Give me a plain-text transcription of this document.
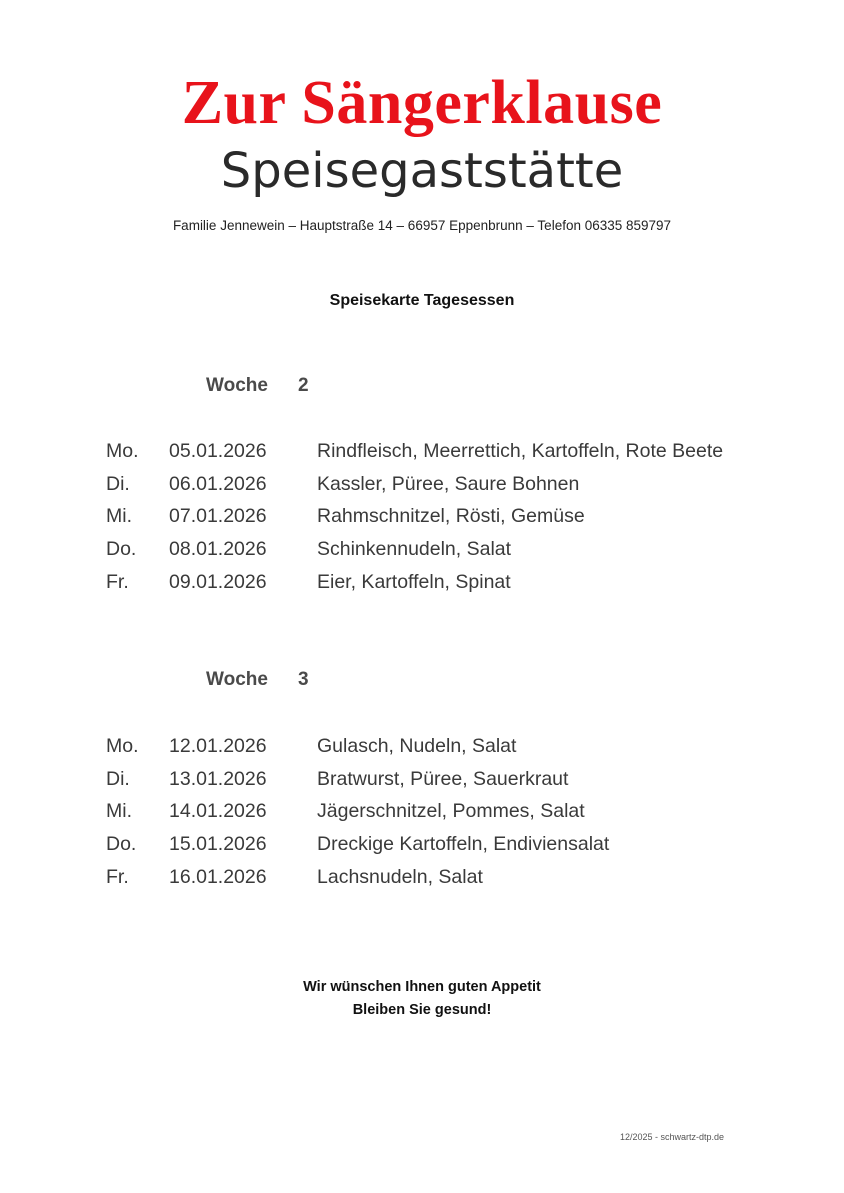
Zur Sängerklause
Speisegaststätte
Familie Jennewein – Hauptstraße 14 – 66957 Eppenbrunn – Telefon 06335 859797
Speisekarte Tagesessen
Woche 2
Mo. 05.01.2026	Rindfleisch, Meerrettich, Kartoffeln, Rote Beete
Di. 06.01.2026	Kassler, Püree, Saure Bohnen
Mi. 07.01.2026	Rahmschnitzel, Rösti, Gemüse
Do. 08.01.2026	Schinkennudeln, Salat
Fr. 09.01.2026	Eier, Kartoffeln, Spinat
Woche 3
Mo. 12.01.2026	Gulasch, Nudeln, Salat
Di. 13.01.2026	Bratwurst, Püree, Sauerkraut
Mi. 14.01.2026	Jägerschnitzel, Pommes, Salat
Do. 15.01.2026	Dreckige Kartoffeln, Endiviensalat
Fr. 16.01.2026	Lachsnudeln, Salat
Wir wünschen Ihnen guten Appetit
Bleiben Sie gesund!
12/2025 - schwartz-dtp.de
